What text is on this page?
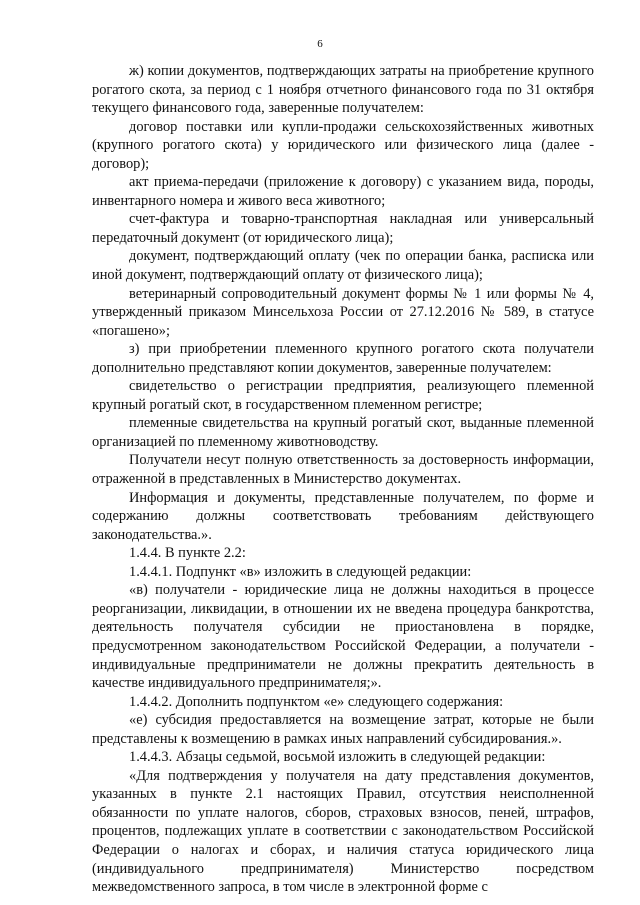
6

ж) копии документов, подтверждающих затраты на приобретение крупного рогатого скота, за период с 1 ноября отчетного финансового года по 31 октября текущего финансового года, заверенные получателем:

договор поставки или купли-продажи сельскохозяйственных животных (крупного рогатого скота) у юридического или физического лица (далее - договор);

акт приема-передачи (приложение к договору) с указанием вида, породы, инвентарного номера и живого веса животного;

счет-фактура и товарно-транспортная накладная или универсальный передаточный документ (от юридического лица);

документ, подтверждающий оплату (чек по операции банка, расписка или иной документ, подтверждающий оплату от физического лица);

ветеринарный сопроводительный документ формы № 1 или формы № 4, утвержденный приказом Минсельхоза России от 27.12.2016 № 589, в статусе «погашено»;

з) при приобретении племенного крупного рогатого скота получатели дополнительно представляют копии документов, заверенные получателем:

свидетельство о регистрации предприятия, реализующего племенной крупный рогатый скот, в государственном племенном регистре;

племенные свидетельства на крупный рогатый скот, выданные племенной организацией по племенному животноводству.

Получатели несут полную ответственность за достоверность информации, отраженной в представленных в Министерство документах.

Информация и документы, представленные получателем, по форме и содержанию должны соответствовать требованиям действующего законодательства.».

1.4.4. В пункте 2.2:

1.4.4.1. Подпункт «в» изложить в следующей редакции:

«в) получатели - юридические лица не должны находиться в процессе реорганизации, ликвидации, в отношении их не введена процедура банкротства, деятельность получателя субсидии не приостановлена в порядке, предусмотренном законодательством Российской Федерации, а получатели - индивидуальные предприниматели не должны прекратить деятельность в качестве индивидуального предпринимателя;».

1.4.4.2. Дополнить подпунктом «е» следующего содержания:

«е) субсидия предоставляется на возмещение затрат, которые не были представлены к возмещению в рамках иных направлений субсидирования.».

1.4.4.3. Абзацы седьмой, восьмой изложить в следующей редакции:

«Для подтверждения у получателя на дату представления документов, указанных в пункте 2.1 настоящих Правил, отсутствия неисполненной обязанности по уплате налогов, сборов, страховых взносов, пеней, штрафов, процентов, подлежащих уплате в соответствии с законодательством Российской Федерации о налогах и сборах, и наличия статуса юридического лица (индивидуального предпринимателя) Министерство посредством межведомственного запроса, в том числе в электронной форме с
